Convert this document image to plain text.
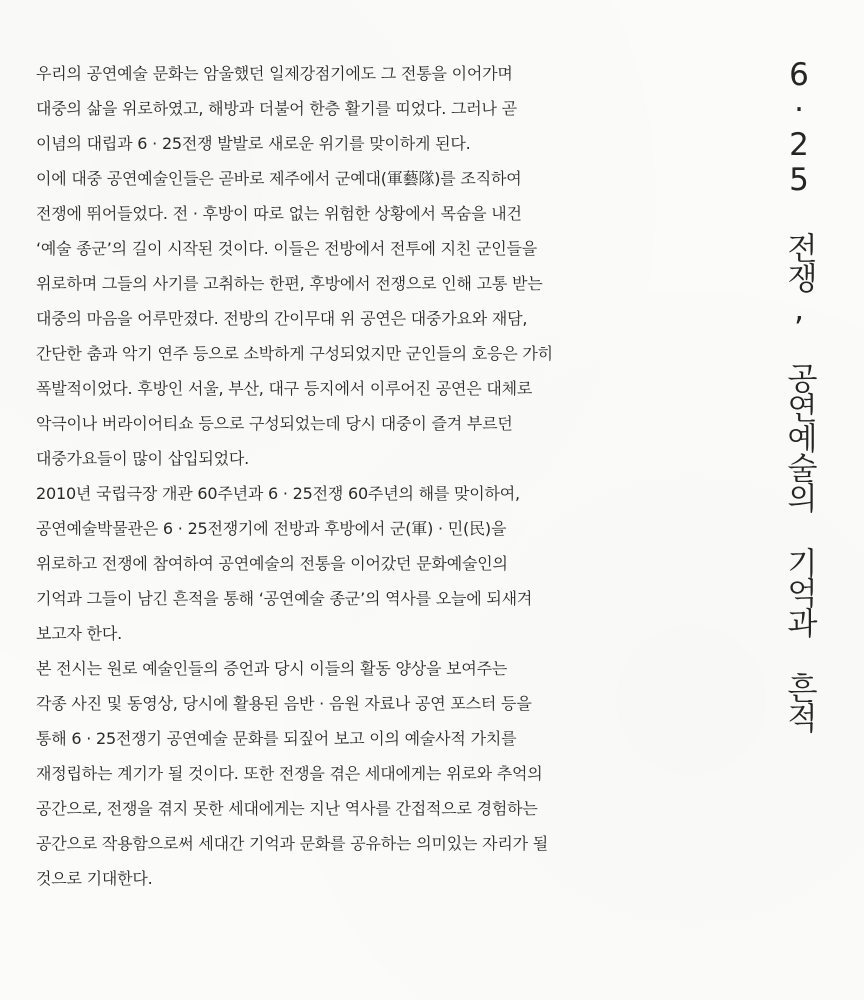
우리의 공연예술 문화는 암울했던 일제강점기에도 그 전통을 이어가며
대중의 삶을 위로하였고, 해방과 더불어 한층 활기를 띠었다. 그러나 곧
이념의 대립과 6 · 25전쟁 발발로 새로운 위기를 맞이하게 된다.
이에 대중 공연예술인들은 곧바로 제주에서 군예대(軍藝隊)를 조직하여
전쟁에 뛰어들었다. 전 · 후방이 따로 없는 위험한 상황에서 목숨을 내건
‘예술 종군’의 길이 시작된 것이다. 이들은 전방에서 전투에 지친 군인들을
위로하며 그들의 사기를 고취하는 한편, 후방에서 전쟁으로 인해 고통 받는
대중의 마음을 어루만졌다. 전방의 간이무대 위 공연은 대중가요와 재담,
간단한 춤과 악기 연주 등으로 소박하게 구성되었지만 군인들의 호응은 가히
폭발적이었다. 후방인 서울, 부산, 대구 등지에서 이루어진 공연은 대체로
악극이나 버라이어티쇼 등으로 구성되었는데 당시 대중이 즐겨 부르던
대중가요들이 많이 삽입되었다.
2010년 국립극장 개관 60주년과 6 · 25전쟁 60주년의 해를 맞이하여,
공연예술박물관은 6 · 25전쟁기에 전방과 후방에서 군(軍) · 민(民)을
위로하고 전쟁에 참여하여 공연예술의 전통을 이어갔던 문화예술인의
기억과 그들이 남긴 흔적을 통해 ‘공연예술 종군’의 역사를 오늘에 되새겨
보고자 한다.
본 전시는 원로 예술인들의 증언과 당시 이들의 활동 양상을 보여주는
각종 사진 및 동영상, 당시에 활용된 음반 · 음원 자료나 공연 포스터 등을
통해 6 · 25전쟁기 공연예술 문화를 되짚어 보고 이의 예술사적 가치를
재정립하는 계기가 될 것이다. 또한 전쟁을 겪은 세대에게는 위로와 추억의
공간으로, 전쟁을 겪지 못한 세대에게는 지난 역사를 간접적으로 경험하는
공간으로 작용함으로써 세대간 기억과 문화를 공유하는 의미있는 자리가 될
것으로 기대한다.
6·25 전쟁, 공연예술의 기억과 흔적
